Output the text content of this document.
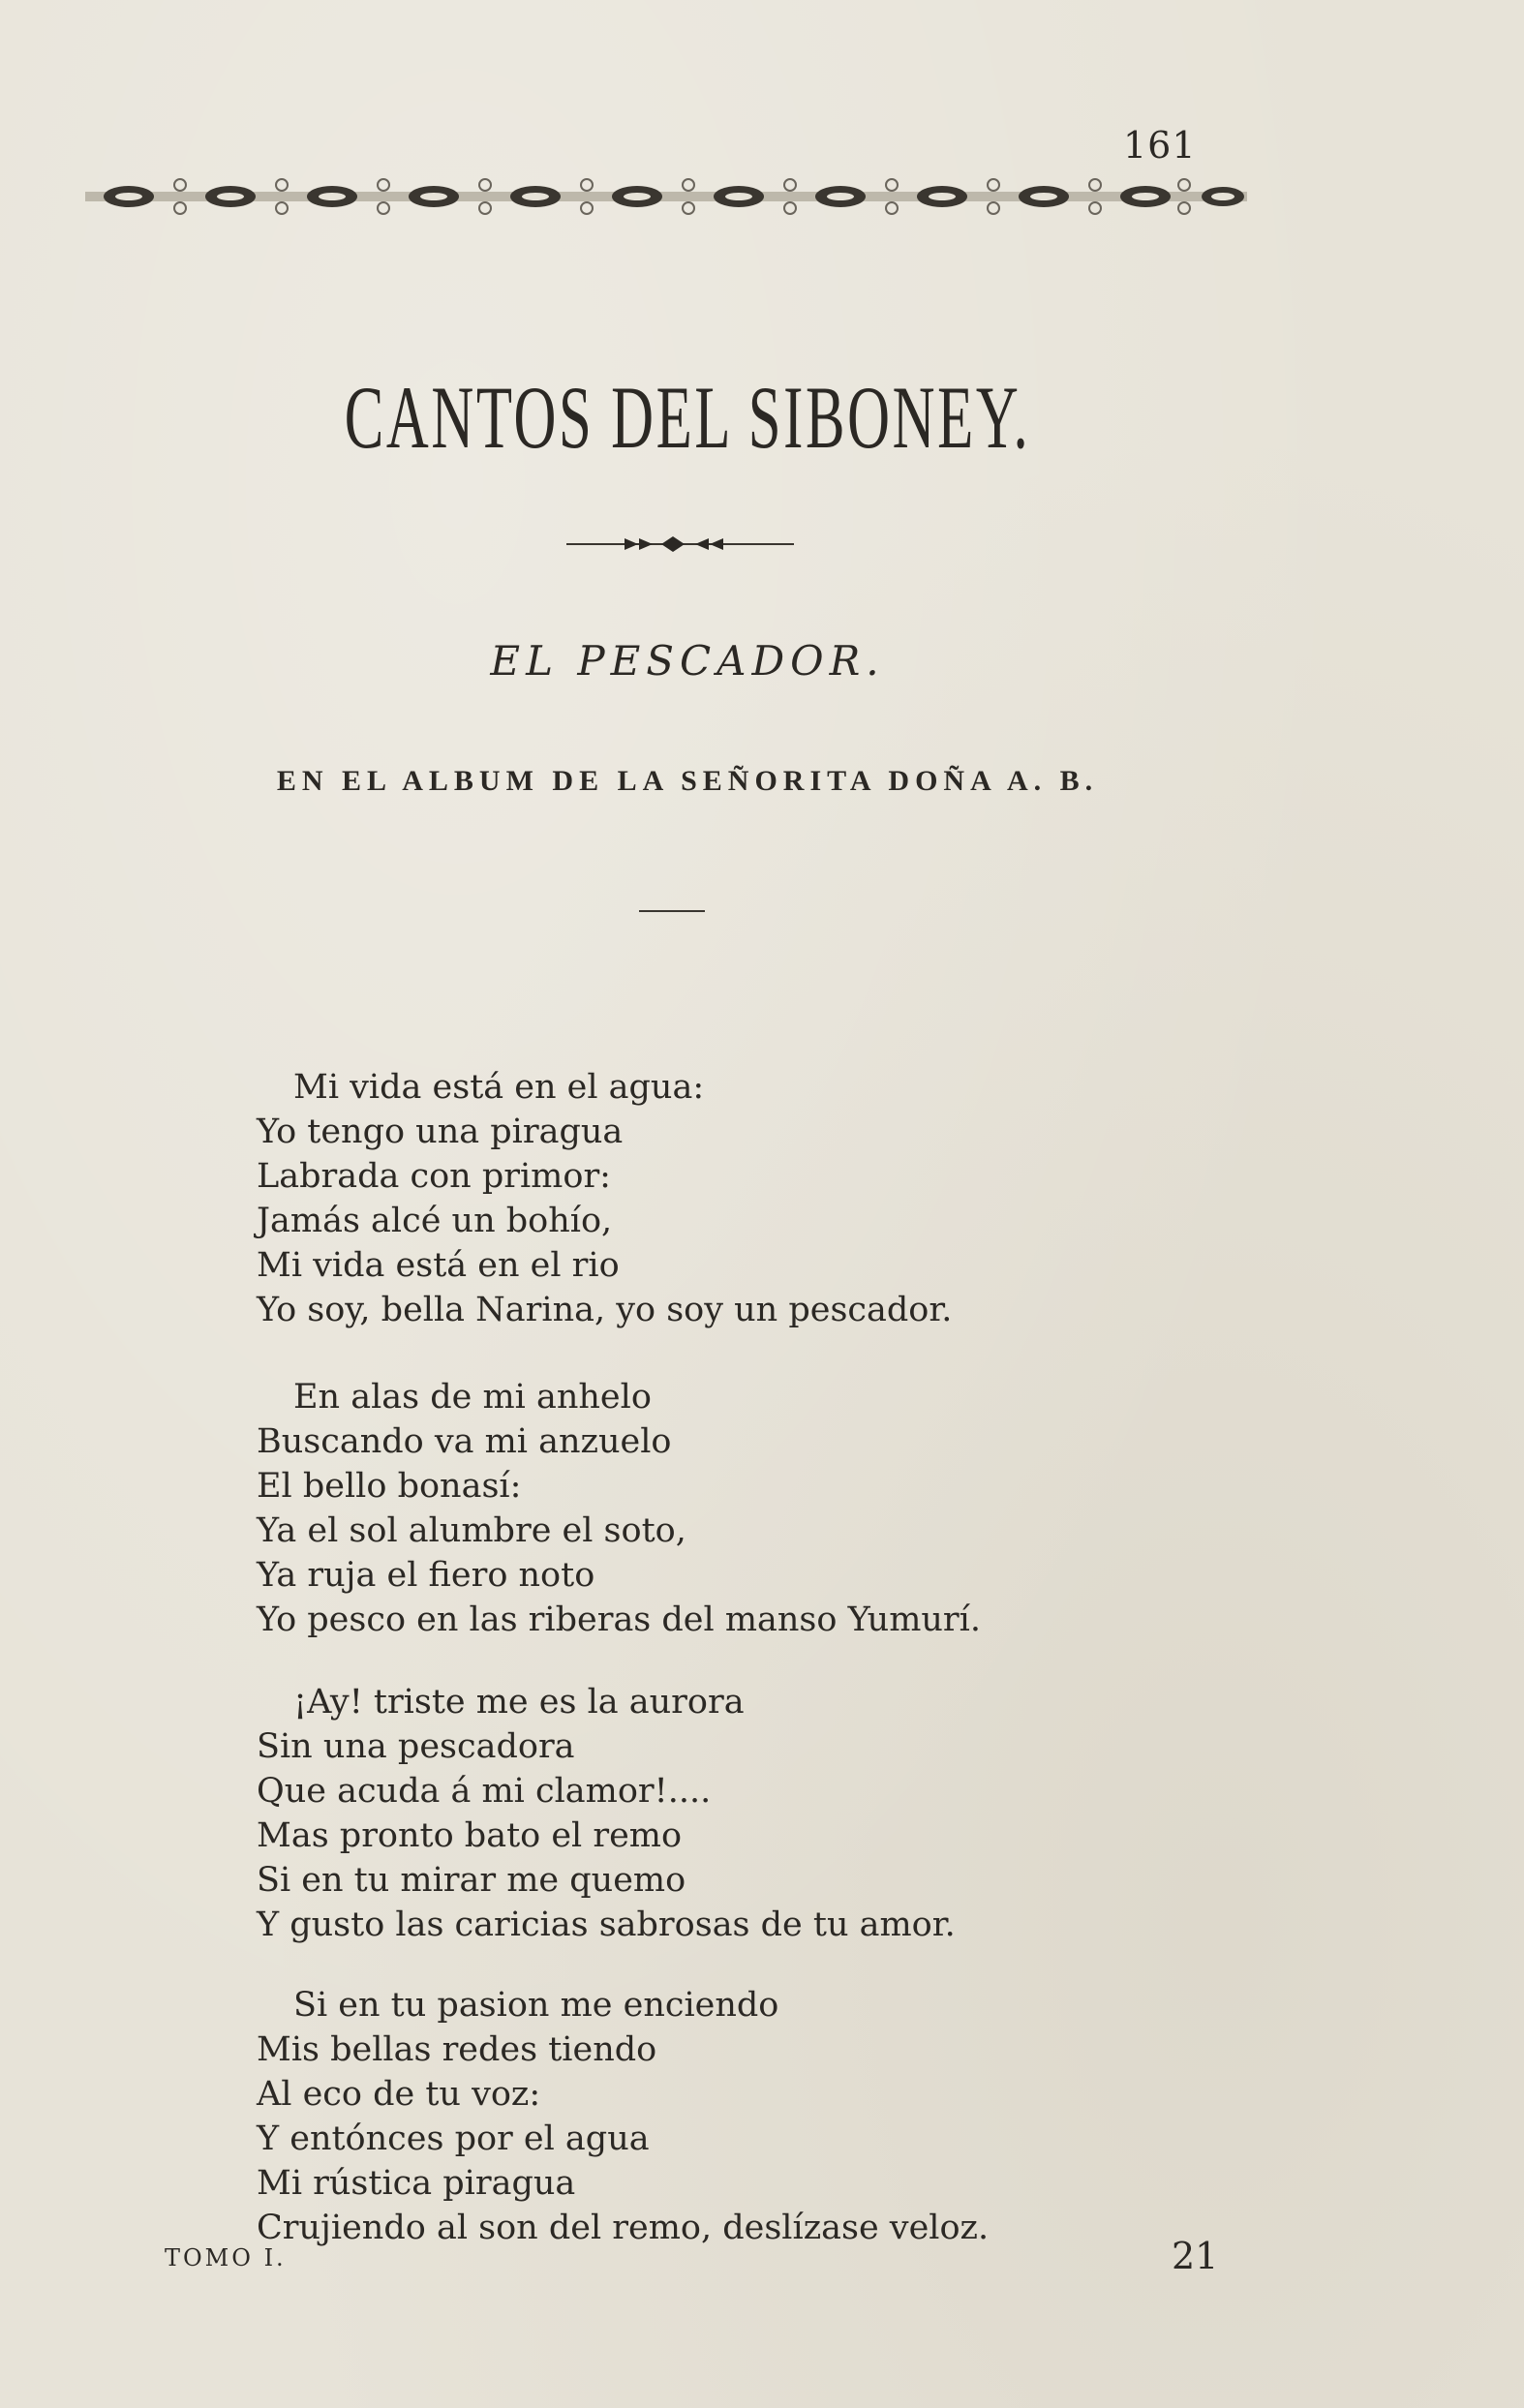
161
CANTOS DEL SIBONEY.
EL PESCADOR.
EN EL ALBUM DE LA SEÑORITA DOÑA A. B.
Mi vida está en el agua:
Yo tengo una piragua
Labrada con primor:
Jamás alcé un bohío,
Mi vida está en el rio
Yo soy, bella Narina, yo soy un pescador.
En alas de mi anhelo
Buscando va mi anzuelo
El bello bonasí:
Ya el sol alumbre el soto,
Ya ruja el fiero noto
Yo pesco en las riberas del manso Yumurí.
¡Ay! triste me es la aurora
Sin una pescadora
Que acuda á mi clamor!....
Mas pronto bato el remo
Si en tu mirar me quemo
Y gusto las caricias sabrosas de tu amor.
Si en tu pasion me enciendo
Mis bellas redes tiendo
Al eco de tu voz:
Y entónces por el agua
Mi rústica piragua
Crujiendo al son del remo, deslízase veloz.
TOMO I.	21
